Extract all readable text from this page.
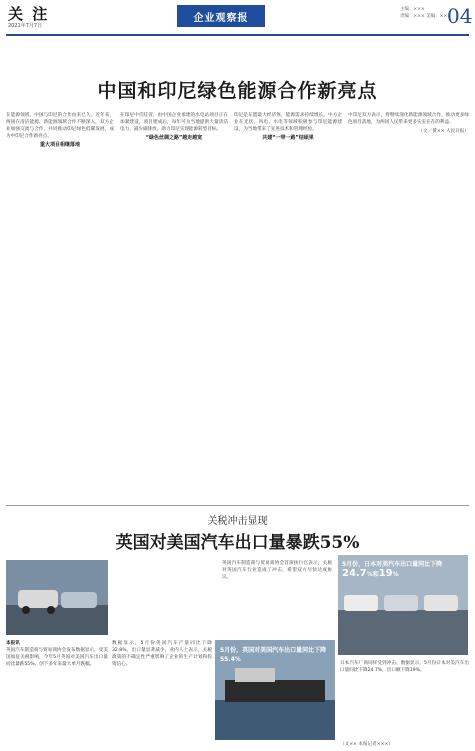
关 注
2021年7月7日
企业观察报
主编：×××
责编：××× 美编：×××
04
中国和印尼绿色能源合作新亮点
在能源领域，中国与印尼的合作由来已久。近年来，两国在清洁能源、新能源领域合作不断深入，双方企业加强交流与合作，共同推动印尼绿色低碳发展，成为中印尼合作新亮点。
重大项目相继落地
在印尼中爪哇省，由中国企业承建的水电站项目正在加紧建设。项目建成后，每年可为当地提供大量清洁电力，减少碳排放，助力印尼实现能源转型目标。
“绿色丝绸之路”越走越宽
印尼是东盟最大经济体，能源需求持续增长。中方企业在光伏、风电、水电等领域积极参与印尼能源建设，为当地带来了先进技术和管理经验。
共建“一带一路”结硕果
中印尼双方表示，将继续深化新能源领域合作，推动更多绿色项目落地，为两国人民带来更多实实在在的利益。
（文／黄×× 人民日报）
关税冲击显现
英国对美国汽车出口量暴跌55%
本报讯
英国汽车制造商与贸易商协会发布数据显示，受美国加征关税影响，今年5月英国对美国汽车出口量同比暴跌55%，创下多年来最大单月跌幅。
数据显示，5月份英国汽车产量同比下降32.8%，出口量显著减少。业内人士表示，关税政策的不确定性严重影响了企业的生产计划和投资信心。
英国汽车制造商与贸易商协会首席执行官表示，关税对英国汽车行业造成了冲击，希望双方尽快达成协议。
日本汽车厂商同样受到冲击。数据显示，5月份日本对美汽车出口量同比下降24.7%，出口额下降19%。
5月份英国汽车产量同比下降32.8%
5月份，英国对美国汽车出口量同比下降55.4%
5月份，日本对美汽车出口量同比下降
24.7%和19%
（文×× 本报记者×××）
